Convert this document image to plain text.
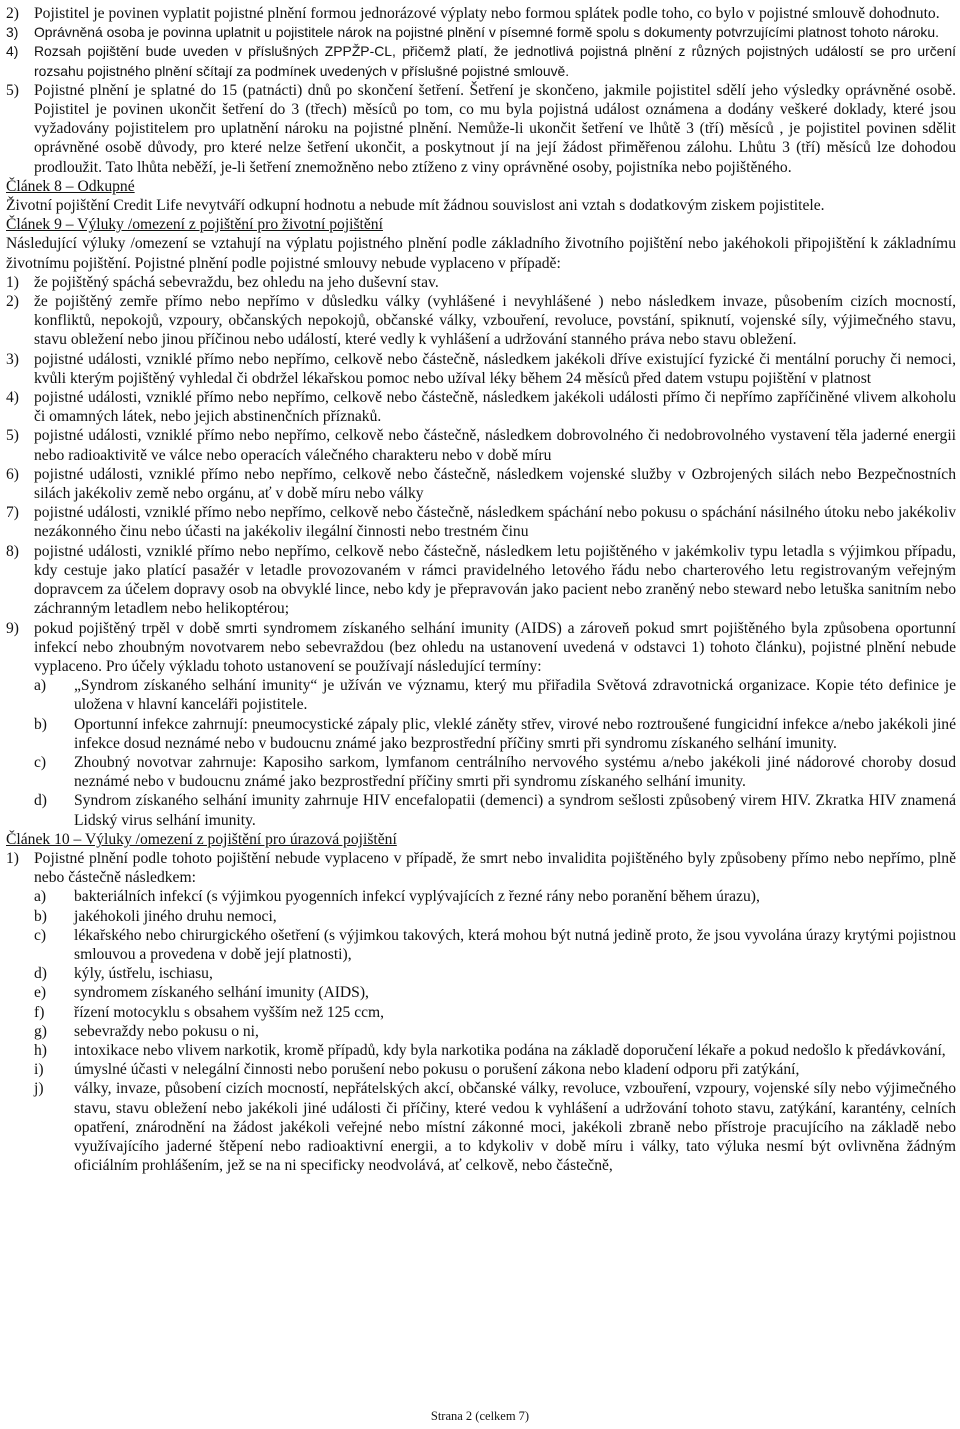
2) Pojistitel je povinen vyplatit pojistné plnění formou jednorázové výplaty nebo formou splátek podle toho, co bylo v pojistné smlouvě dohodnuto.
3)	Oprávněná osoba je povinna uplatnit u pojistitele nárok na pojistné plnění v písemné formě spolu s dokumenty potvrzujícími platnost tohoto nároku.
4)	Rozsah pojištění bude uveden v příslušných ZPPŽP-CL, přičemž platí, že jednotlivá pojistná plnění z různých pojistných událostí se pro určení rozsahu pojistného plnění sčítají za podmínek uvedených v příslušné pojistné smlouvě.
5) Pojistné plnění je splatné do 15 (patnácti) dnů po skončení šetření. Šetření je skončeno, jakmile pojistitel sdělí jeho výsledky oprávněné osobě. Pojistitel je povinen ukončit šetření do 3 (třech) měsíců po tom, co mu byla pojistná událost oznámena a dodány veškeré doklady, které jsou vyžadovány pojistitelem pro uplatnění nároku na pojistné plnění. Nemůže-li ukončit šetření ve lhůtě 3 (tří) měsíců , je pojistitel povinen sdělit oprávněné osobě důvody, pro které nelze šetření ukončit, a poskytnout jí na její žádost přiměřenou zálohu. Lhůtu 3 (tří) měsíců lze dohodou prodloužit. Tato lhůta neběží, je-li šetření znemožněno nebo ztíženo z viny oprávněné osoby, pojistníka nebo pojištěného.
Článek 8 – Odkupné
Životní pojištění Credit Life nevytváří odkupní hodnotu a nebude mít žádnou souvislost ani vztah s dodatkovým ziskem pojistitele.
Článek 9 – Výluky /omezení z pojištění pro životní pojištění
Následující výluky /omezení se vztahují na výplatu pojistného plnění podle základního životního pojištění nebo jakéhokoli připojištění k základnímu životnímu pojištění. Pojistné plnění podle pojistné smlouvy nebude vyplaceno v případě:
1) že pojištěný spáchá sebevraždu, bez ohledu na jeho duševní stav.
2) že pojištěný zemře přímo nebo nepřímo v důsledku války (vyhlášené i nevyhlášené ) nebo následkem invaze, působením cizích mocností, konfliktů, nepokojů, vzpoury, občanských nepokojů, občanské války, vzbouření, revoluce, povstání, spiknutí, vojenské síly, výjimečného stavu, stavu obležení nebo jinou příčinou nebo událostí, které vedly k vyhlášení a udržování stanného práva nebo stavu obležení.
3) pojistné události, vzniklé přímo nebo nepřímo, celkově nebo částečně, následkem jakékoli dříve existující fyzické či mentální poruchy či nemoci, kvůli kterým pojištěný vyhledal či obdržel lékařskou pomoc nebo užíval léky během 24 měsíců před datem vstupu pojištění v platnost
4) pojistné události, vzniklé přímo nebo nepřímo, celkově nebo částečně, následkem jakékoli události přímo či nepřímo zapříčiněné vlivem alkoholu či omamných látek, nebo jejich abstinenčních příznaků.
5) pojistné události, vzniklé přímo nebo nepřímo, celkově nebo částečně, následkem dobrovolného či nedobrovolného vystavení těla jaderné energii nebo radioaktivitě ve válce nebo operacích válečného charakteru nebo v době míru
6) pojistné události, vzniklé přímo nebo nepřímo, celkově nebo částečně, následkem vojenské služby v Ozbrojených silách nebo Bezpečnostních silách jakékoliv země nebo orgánu, ať v době míru nebo války
7) pojistné události, vzniklé přímo nebo nepřímo, celkově nebo částečně, následkem spáchání nebo pokusu o spáchání násilného útoku nebo jakékoliv nezákonného činu nebo účasti na jakékoliv ilegální činnosti nebo trestném činu
8) pojistné události, vzniklé přímo nebo nepřímo, celkově nebo částečně, následkem letu pojištěného v jakémkoliv typu letadla s výjimkou případu, kdy cestuje jako platící pasažér v letadle provozovaném v rámci pravidelného letového řádu nebo charterového letu registrovaným veřejným dopravcem za účelem dopravy osob na obvyklé lince, nebo kdy je přepravován jako pacient nebo zraněný nebo steward nebo letuška sanitním nebo záchranným letadlem nebo helikoptérou;
9) pokud pojištěný trpěl v době smrti syndromem získaného selhání imunity (AIDS) a zároveň pokud smrt pojištěného byla způsobena oportunní infekcí nebo zhoubným novotvarem nebo sebevraždou (bez ohledu na ustanovení uvedená v odstavci 1) tohoto článku), pojistné plnění nebude vyplaceno. Pro účely výkladu tohoto ustanovení se používají následující termíny:
a)	„Syndrom získaného selhání imunity“ je užíván ve významu, který mu přiřadila Světová zdravotnická organizace. Kopie této definice je uložena v hlavní kanceláři pojistitele.
b)	Oportunní infekce zahrnují: pneumocystické zápaly plic, vleklé záněty střev, virové nebo roztroušené fungicidní infekce a/nebo jakékoli jiné infekce dosud neznámé nebo v budoucnu známé jako bezprostřední příčiny smrti při syndromu získaného selhání imunity.
c)	Zhoubný novotvar zahrnuje: Kaposiho sarkom, lymfanom centrálního nervového systému a/nebo jakékoli jiné nádorové choroby dosud neznámé nebo v budoucnu známé jako bezprostřední příčiny smrti při syndromu získaného selhání imunity.
d)	Syndrom získaného selhání imunity zahrnuje HIV encefalopatii (demenci) a syndrom sešlosti způsobený virem HIV. Zkratka HIV znamená Lidský virus selhání imunity.
Článek 10 – Výluky /omezení z pojištění pro úrazová pojištění
1) Pojistné plnění podle tohoto pojištění nebude vyplaceno v případě, že smrt nebo invalidita pojištěného byly způsobeny přímo nebo nepřímo, plně nebo částečně následkem:
a)	bakteriálních infekcí (s výjimkou pyogenních infekcí vyplývajících z řezné rány nebo poranění během úrazu),
b)	jakéhokoli jiného druhu nemoci,
c)	lékařského nebo chirurgického ošetření (s výjimkou takových, která mohou být nutná jedině proto, že jsou vyvolána úrazy krytými pojistnou smlouvou a provedena v době její platnosti),
d)	kýly, ústřelu, ischiasu,
e)	syndromem získaného selhání imunity (AIDS),
f)	řízení motocyklu s obsahem vyšším než 125 ccm,
g)	sebevraždy nebo pokusu o ni,
h)	intoxikace nebo vlivem narkotik, kromě případů, kdy byla narkotika podána na základě doporučení lékaře a pokud nedošlo k předávkování,
i)	úmyslné účasti v nelegální činnosti nebo porušení nebo pokusu o porušení zákona nebo kladení odporu při zatýkání,
j)	války, invaze, působení cizích mocností, nepřátelských akcí, občanské války, revoluce, vzbouření, vzpoury, vojenské síly nebo výjimečného stavu, stavu obležení nebo jakékoli jiné události či příčiny, které vedou k vyhlášení a udržování tohoto stavu, zatýkání, karantény, celních opatření, znárodnění na žádost jakékoli veřejné nebo místní zákonné moci, jakékoli zbraně nebo přístroje pracujícího na základě nebo využívajícího jaderné štěpení nebo radioaktivní energii, a to kdykoliv v době míru i války, tato výluka nesmí být ovlivněna žádným oficiálním prohlášením, jež se na ni specificky neodvolává, ať celkově, nebo částečně,
Strana 2 (celkem 7)
